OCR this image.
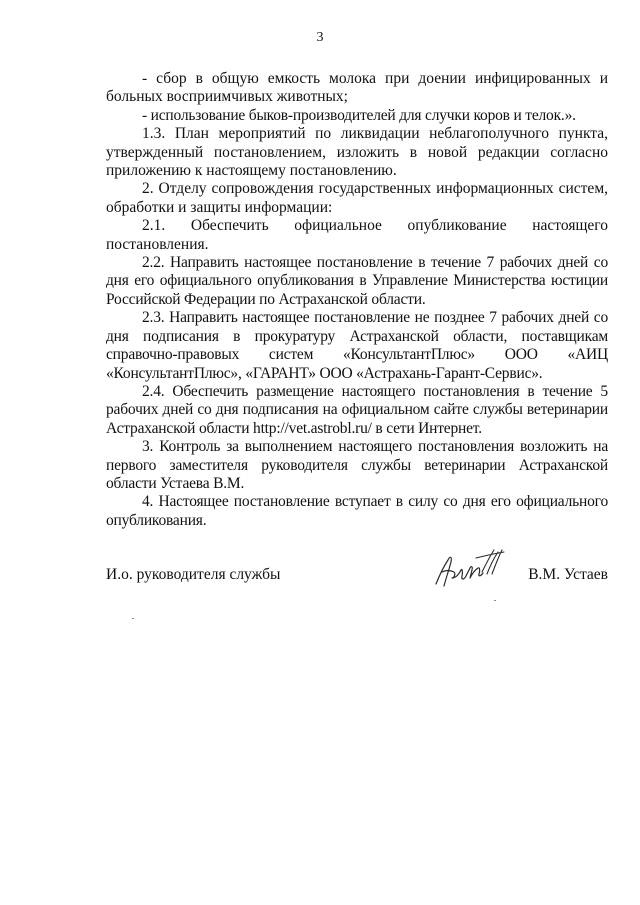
3

- сбор в общую емкость молока при доении инфицированных и больных восприимчивых животных;

- использование быков-производителей для случки коров и телок.».

1.3. План мероприятий по ликвидации неблагополучного пункта, утвержденный постановлением, изложить в новой редакции согласно приложению к настоящему постановлению.

2. Отделу сопровождения государственных информационных систем, обработки и защиты информации:

2.1. Обеспечить официальное опубликование настоящего постановления.

2.2. Направить настоящее постановление в течение 7 рабочих дней со дня его официального опубликования в Управление Министерства юстиции Российской Федерации по Астраханской области.

2.3. Направить настоящее постановление не позднее 7 рабочих дней со дня подписания в прокуратуру Астраханской области, поставщикам справочно-правовых систем «КонсультантПлюс» ООО «АИЦ «КонсультантПлюс», «ГАРАНТ» ООО «Астрахань-Гарант-Сервис».

2.4. Обеспечить размещение настоящего постановления в течение 5 рабочих дней со дня подписания на официальном сайте службы ветеринарии Астраханской области http://vet.astrobl.ru/ в сети Интернет.

3. Контроль за выполнением настоящего постановления возложить на первого заместителя руководителя службы ветеринарии Астраханской области Устаева В.М.

4. Настоящее постановление вступает в силу со дня его официального опубликования.

И.о. руководителя службы	В.М. Устаев
